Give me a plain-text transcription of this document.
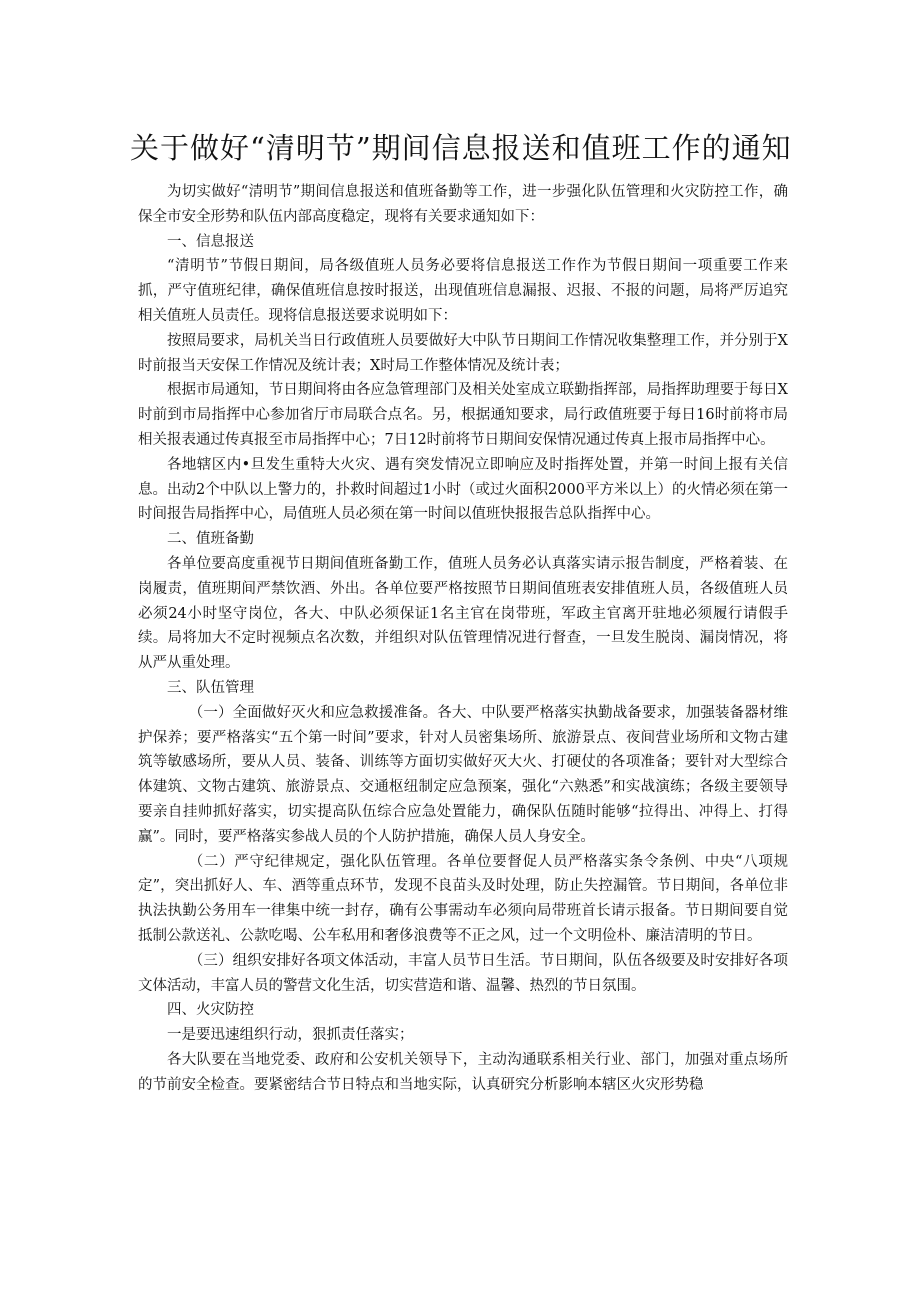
关于做好“清明节”期间信息报送和值班工作的通知

为切实做好“清明节”期间信息报送和值班备勤等工作，进一步强化队伍管理和火灾防控工作，确保全市安全形势和队伍内部高度稳定，现将有关要求通知如下：

一、信息报送

“清明节”节假日期间，局各级值班人员务必要将信息报送工作作为节假日期间一项重要工作来抓，严守值班纪律，确保值班信息按时报送，出现值班信息漏报、迟报、不报的问题，局将严厉追究相关值班人员责任。现将信息报送要求说明如下：

按照局要求，局机关当日行政值班人员要做好大中队节日期间工作情况收集整理工作，并分别于X时前报当天安保工作情况及统计表；X时局工作整体情况及统计表；

根据市局通知，节日期间将由各应急管理部门及相关处室成立联勤指挥部，局指挥助理要于每日X时前到市局指挥中心参加省厅市局联合点名。另，根据通知要求，局行政值班要于每日16时前将市局相关报表通过传真报至市局指挥中心；7日12时前将节日期间安保情况通过传真上报市局指挥中心。

各地辖区内•旦发生重特大火灾、遇有突发情况立即响应及时指挥处置，并第一时间上报有关信息。出动2个中队以上警力的，扑救时间超过1小时（或过火面积2000平方米以上）的火情必须在第一时间报告局指挥中心，局值班人员必须在第一时间以值班快报报告总队指挥中心。

二、值班备勤

各单位要高度重视节日期间值班备勤工作，值班人员务必认真落实请示报告制度，严格着装、在岗履责，值班期间严禁饮酒、外出。各单位要严格按照节日期间值班表安排值班人员，各级值班人员必须24小时坚守岗位，各大、中队必须保证1名主官在岗带班，军政主官离开驻地必须履行请假手续。局将加大不定时视频点名次数，并组织对队伍管理情况进行督查，一旦发生脱岗、漏岗情况，将从严从重处理。

三、队伍管理

（一）全面做好灭火和应急救援准备。各大、中队要严格落实执勤战备要求，加强装备器材维护保养；要严格落实“五个第一时间”要求，针对人员密集场所、旅游景点、夜间营业场所和文物古建筑等敏感场所，要从人员、装备、训练等方面切实做好灭大火、打硬仗的各项准备；要针对大型综合体建筑、文物古建筑、旅游景点、交通枢纽制定应急预案，强化“六熟悉”和实战演练；各级主要领导要亲自挂帅抓好落实，切实提高队伍综合应急处置能力，确保队伍随时能够“拉得出、冲得上、打得赢”。同时，要严格落实参战人员的个人防护措施，确保人员人身安全。

（二）严守纪律规定，强化队伍管理。各单位要督促人员严格落实条令条例、中央“八项规定”，突出抓好人、车、酒等重点环节，发现不良苗头及时处理，防止失控漏管。节日期间，各单位非执法执勤公务用车一律集中统一封存，确有公事需动车必须向局带班首长请示报备。节日期间要自觉抵制公款送礼、公款吃喝、公车私用和奢侈浪费等不正之风，过一个文明俭朴、廉洁清明的节日。

（三）组织安排好各项文体活动，丰富人员节日生活。节日期间，队伍各级要及时安排好各项文体活动，丰富人员的警营文化生活，切实营造和谐、温馨、热烈的节日氛围。

四、火灾防控

一是要迅速组织行动，狠抓责任落实；

各大队要在当地党委、政府和公安机关领导下，主动沟通联系相关行业、部门，加强对重点场所的节前安全检查。要紧密结合节日特点和当地实际，认真研究分析影响本辖区火灾形势稳
